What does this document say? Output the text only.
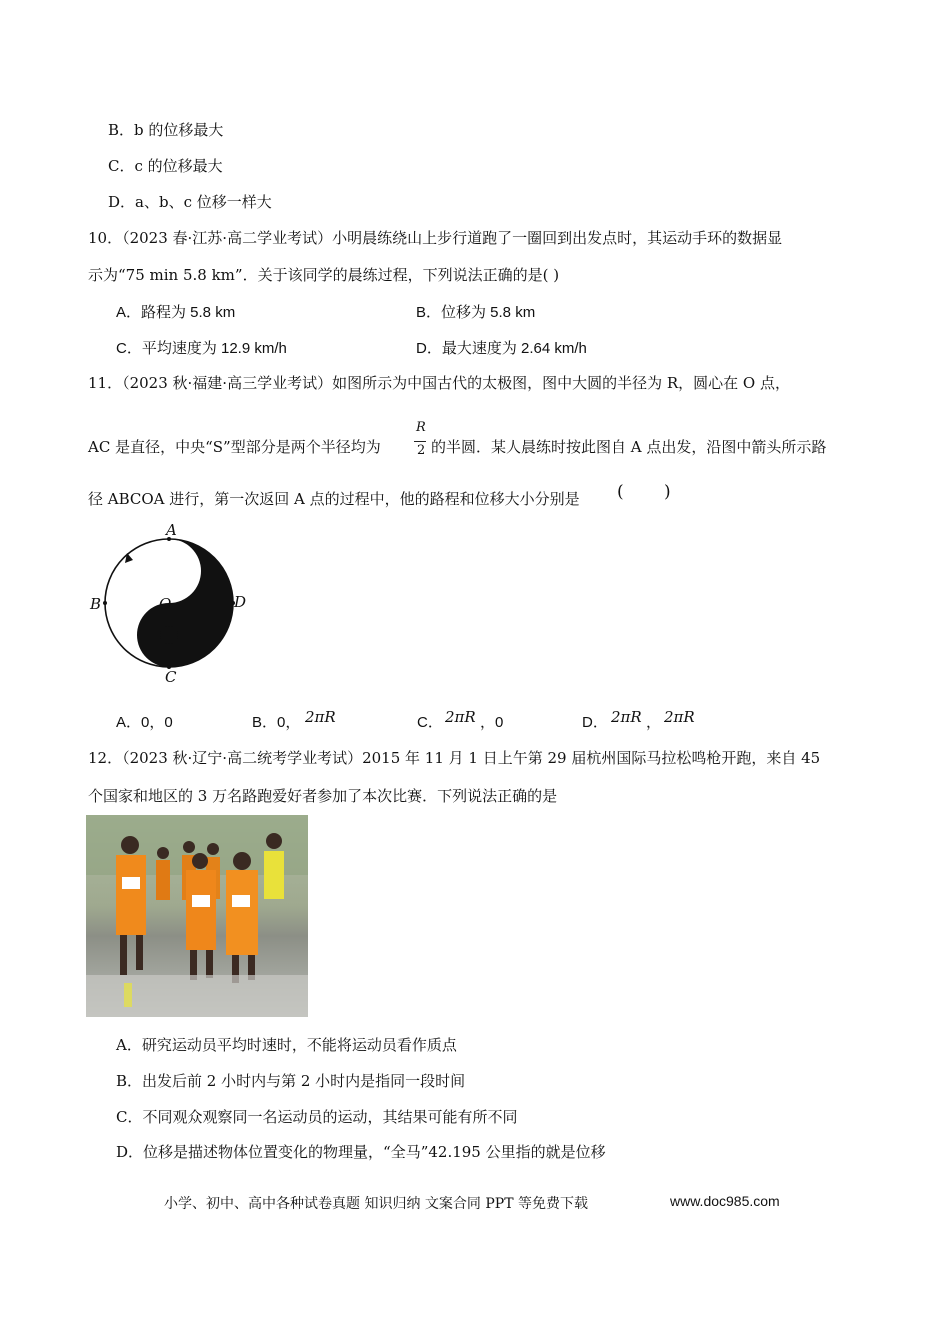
B．b 的位移最大
C．c 的位移最大
D．a、b、c 位移一样大
10．（2023 春·江苏·高二学业考试）小明晨练绕山上步行道跑了一圈回到出发点时，其运动手环的数据显
示为“75 min 5.8 km”．关于该同学的晨练过程，下列说法正确的是( )
A．路程为 5.8 km	B．位移为 5.8 km
C．平均速度为 12.9 km/h	D．最大速度为 2.64 km/h
11．（2023 秋·福建·高三学业考试）如图所示为中国古代的太极图，图中大圆的半径为 R，圆心在 O 点，
AC 是直径，中央“S”型部分是两个半径均为
R
2 的半圆．某人晨练时按此图自 A 点出发，沿图中箭头所示路
径 ABCOA 进行，第一次返回 A 点的过程中，他的路程和位移大小分别是 ( )
A
B
C
D
O
A．0，0	B．0， 2πR	C． 2πR ，0	D． 2πR ， 2πR
12．（2023 秋·辽宁·高二统考学业考试）2015 年 11 月 1 日上午第 29 届杭州国际马拉松鸣枪开跑，来自 45
个国家和地区的 3 万名路跑爱好者参加了本次比赛．下列说法正确的是
A．研究运动员平均时速时，不能将运动员看作质点
B．出发后前 2 小时内与第 2 小时内是指同一段时间
C．不同观众观察同一名运动员的运动，其结果可能有所不同
D．位移是描述物体位置变化的物理量，“全马”42.195 公里指的就是位移
小学、初中、高中各种试卷真题 知识归纳 文案合同 PPT 等免费下载	www.doc985.com
